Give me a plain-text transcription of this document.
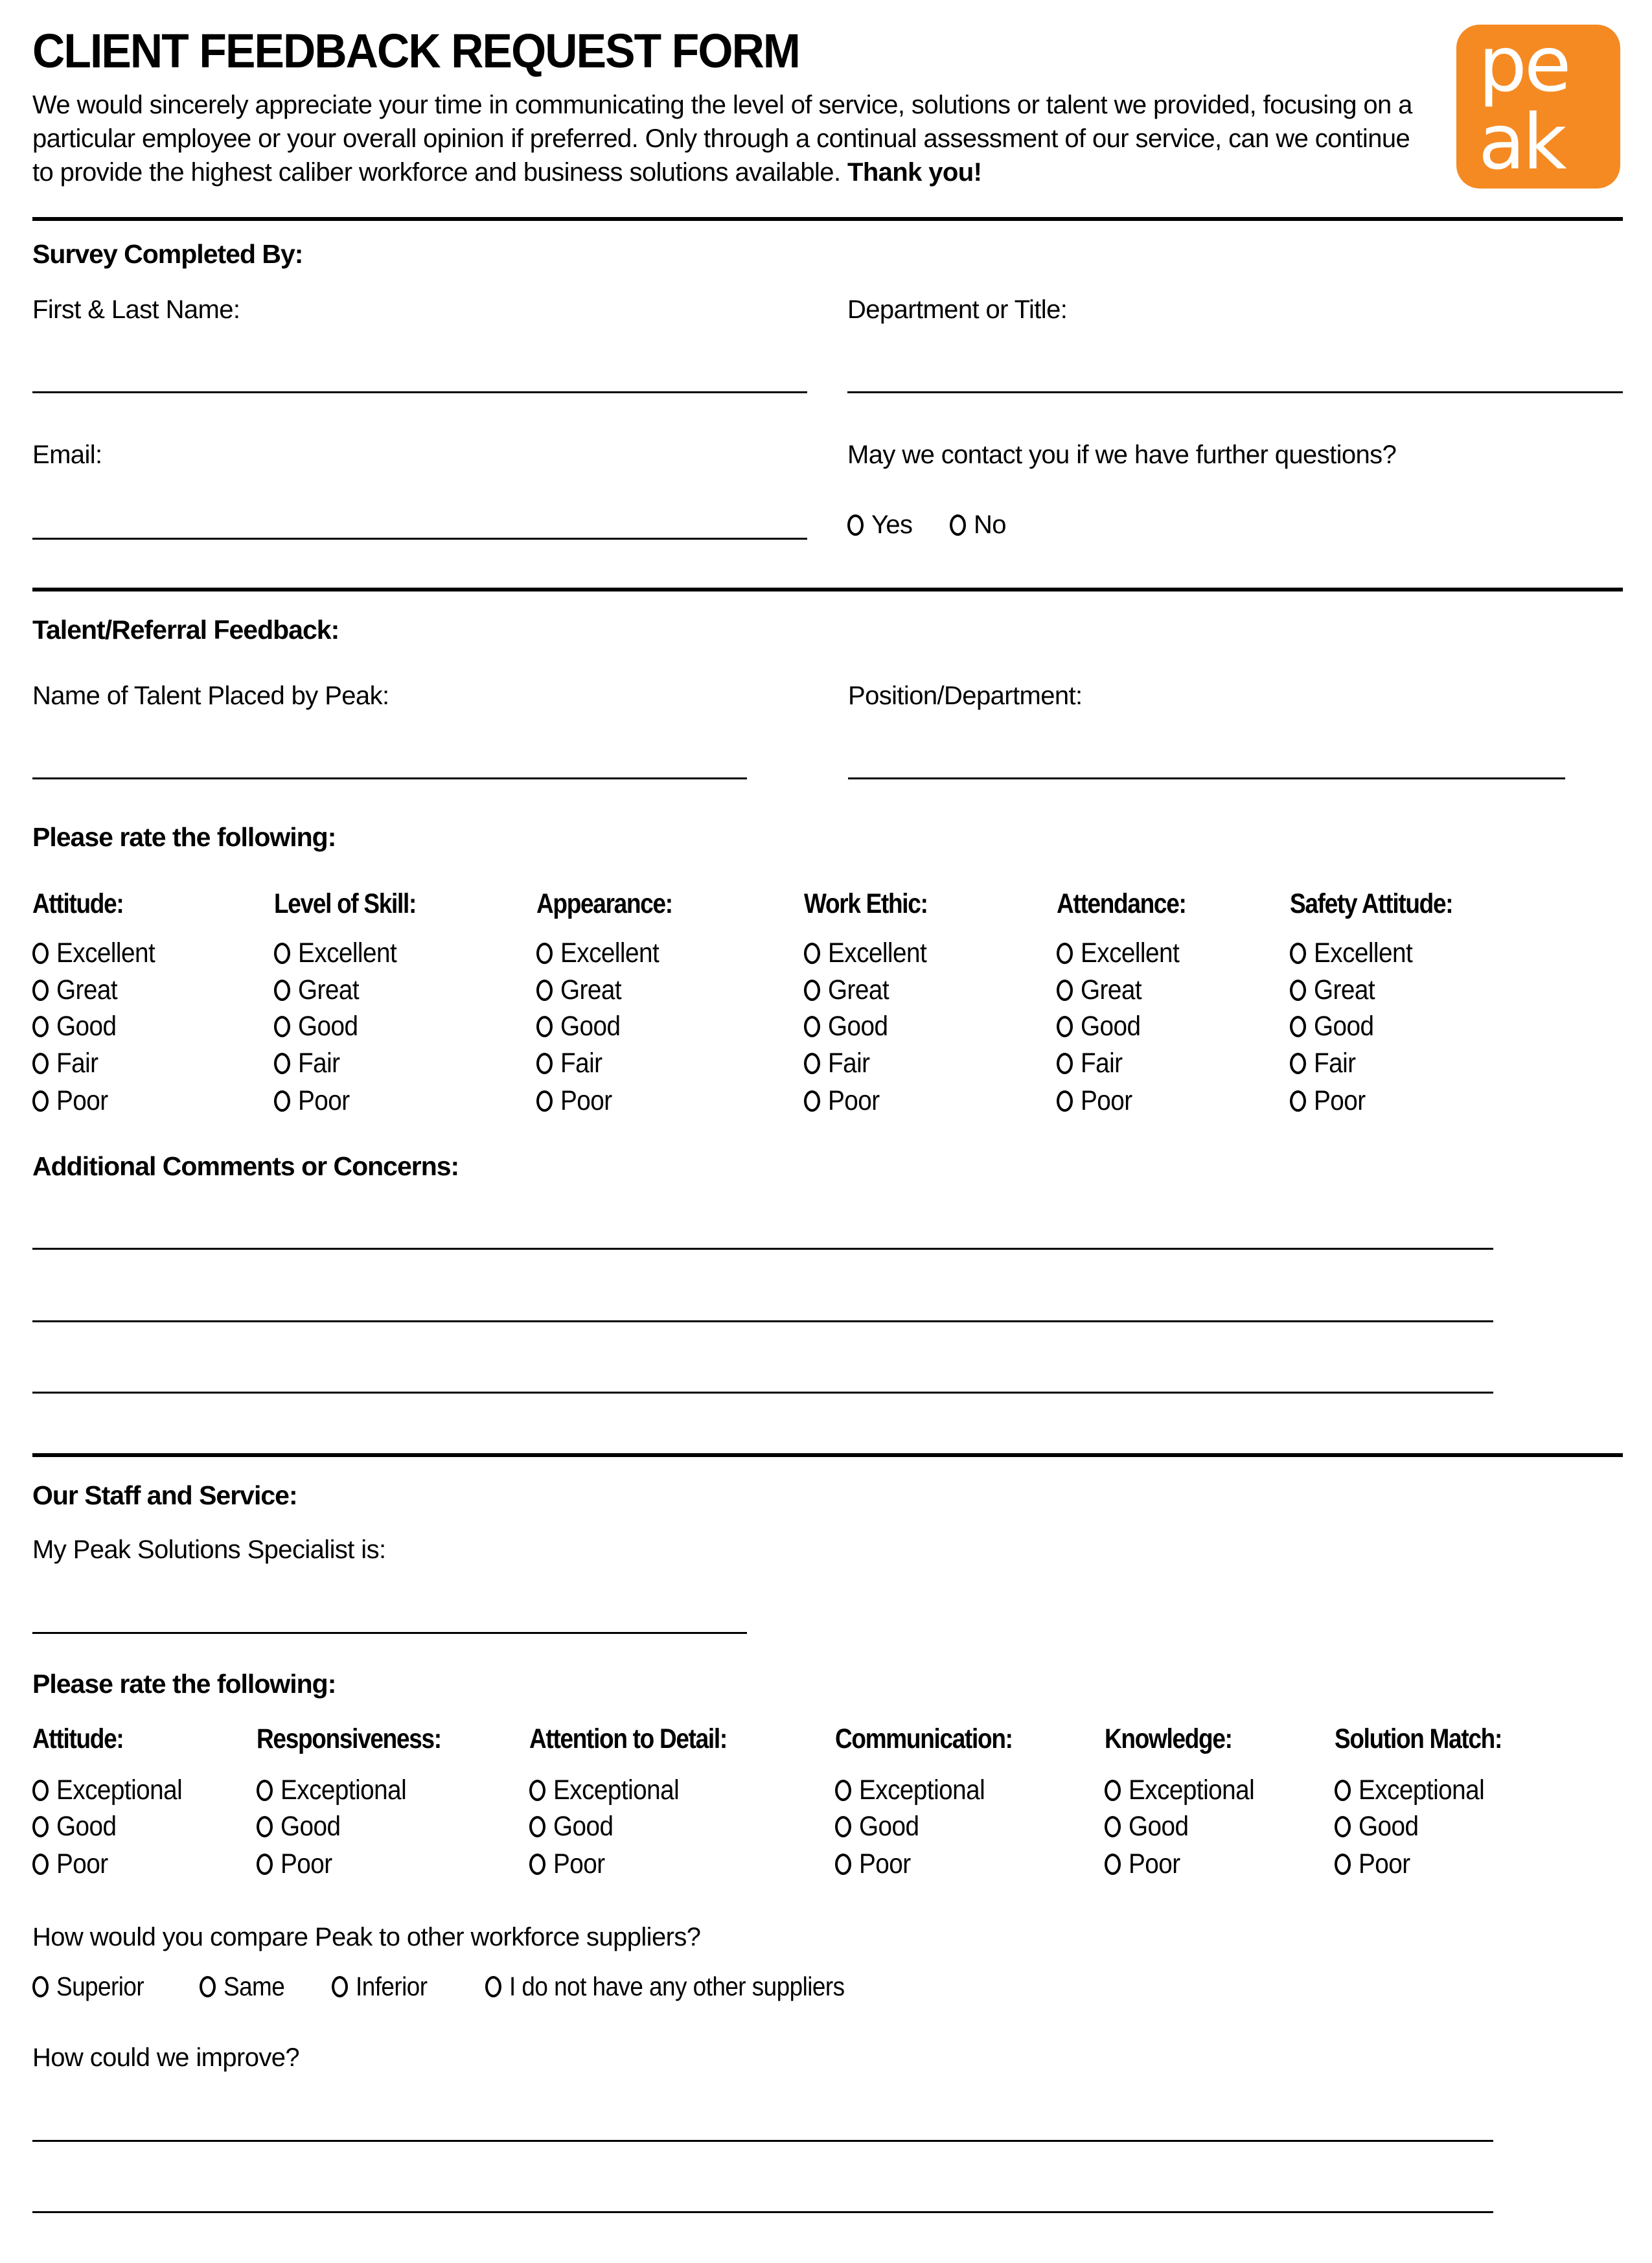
CLIENT FEEDBACK REQUEST FORM
We would sincerely appreciate your time in communicating the level of service, solutions or talent we provided, focusing on a particular employee or your overall opinion if preferred. Only through a continual assessment of our service, can we continue to provide the highest caliber workforce and business solutions available. Thank you!
pe
ak
Survey Completed By:
First & Last Name:	Department or Title:
Email:	May we contact you if we have further questions?
Yes No
Talent/Referral Feedback:
Name of Talent Placed by Peak:	Position/Department:
Please rate the following:
Attitude:
Excellent
Great
Good
Fair
Poor
Level of Skill:
Excellent
Great
Good
Fair
Poor
Appearance:
Excellent
Great
Good
Fair
Poor
Work Ethic:
Excellent
Great
Good
Fair
Poor
Attendance:
Excellent
Great
Good
Fair
Poor
Safety Attitude:
Excellent
Great
Good
Fair
Poor
Additional Comments or Concerns:
Our Staff and Service:
My Peak Solutions Specialist is:
Please rate the following:
Attitude:
Exceptional
Good
Poor
Responsiveness:
Exceptional
Good
Poor
Attention to Detail:
Exceptional
Good
Poor
Communication:
Exceptional
Good
Poor
Knowledge:
Exceptional
Good
Poor
Solution Match:
Exceptional
Good
Poor
How would you compare Peak to other workforce suppliers?
Superior	Same	Inferior	I do not have any other suppliers
How could we improve?
